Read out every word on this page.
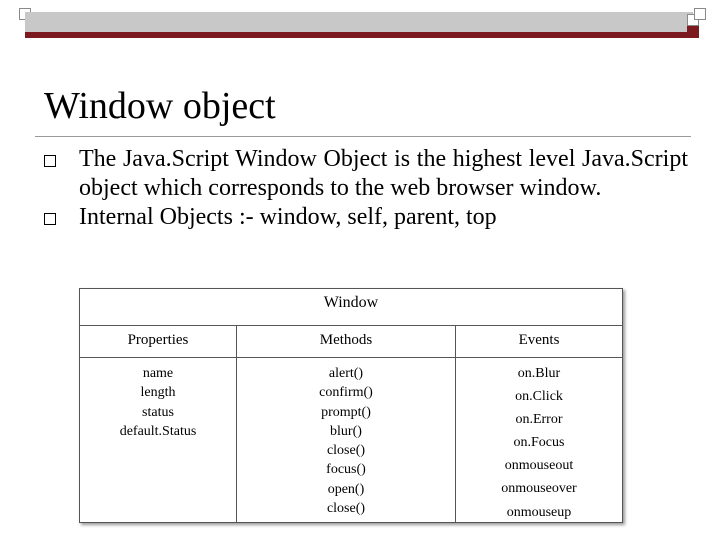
Window object
The Java.Script Window Object is the highest level Java.Script object which corresponds to the web browser window.
Internal Objects :- window, self, parent, top
Window
Properties
name
length
status
default.Status
Methods
alert()
confirm()
prompt()
blur()
close()
focus()
open()
close()
Events
on.Blur
on.Click
on.Error
on.Focus
onmouseout
onmouseover
onmouseup
